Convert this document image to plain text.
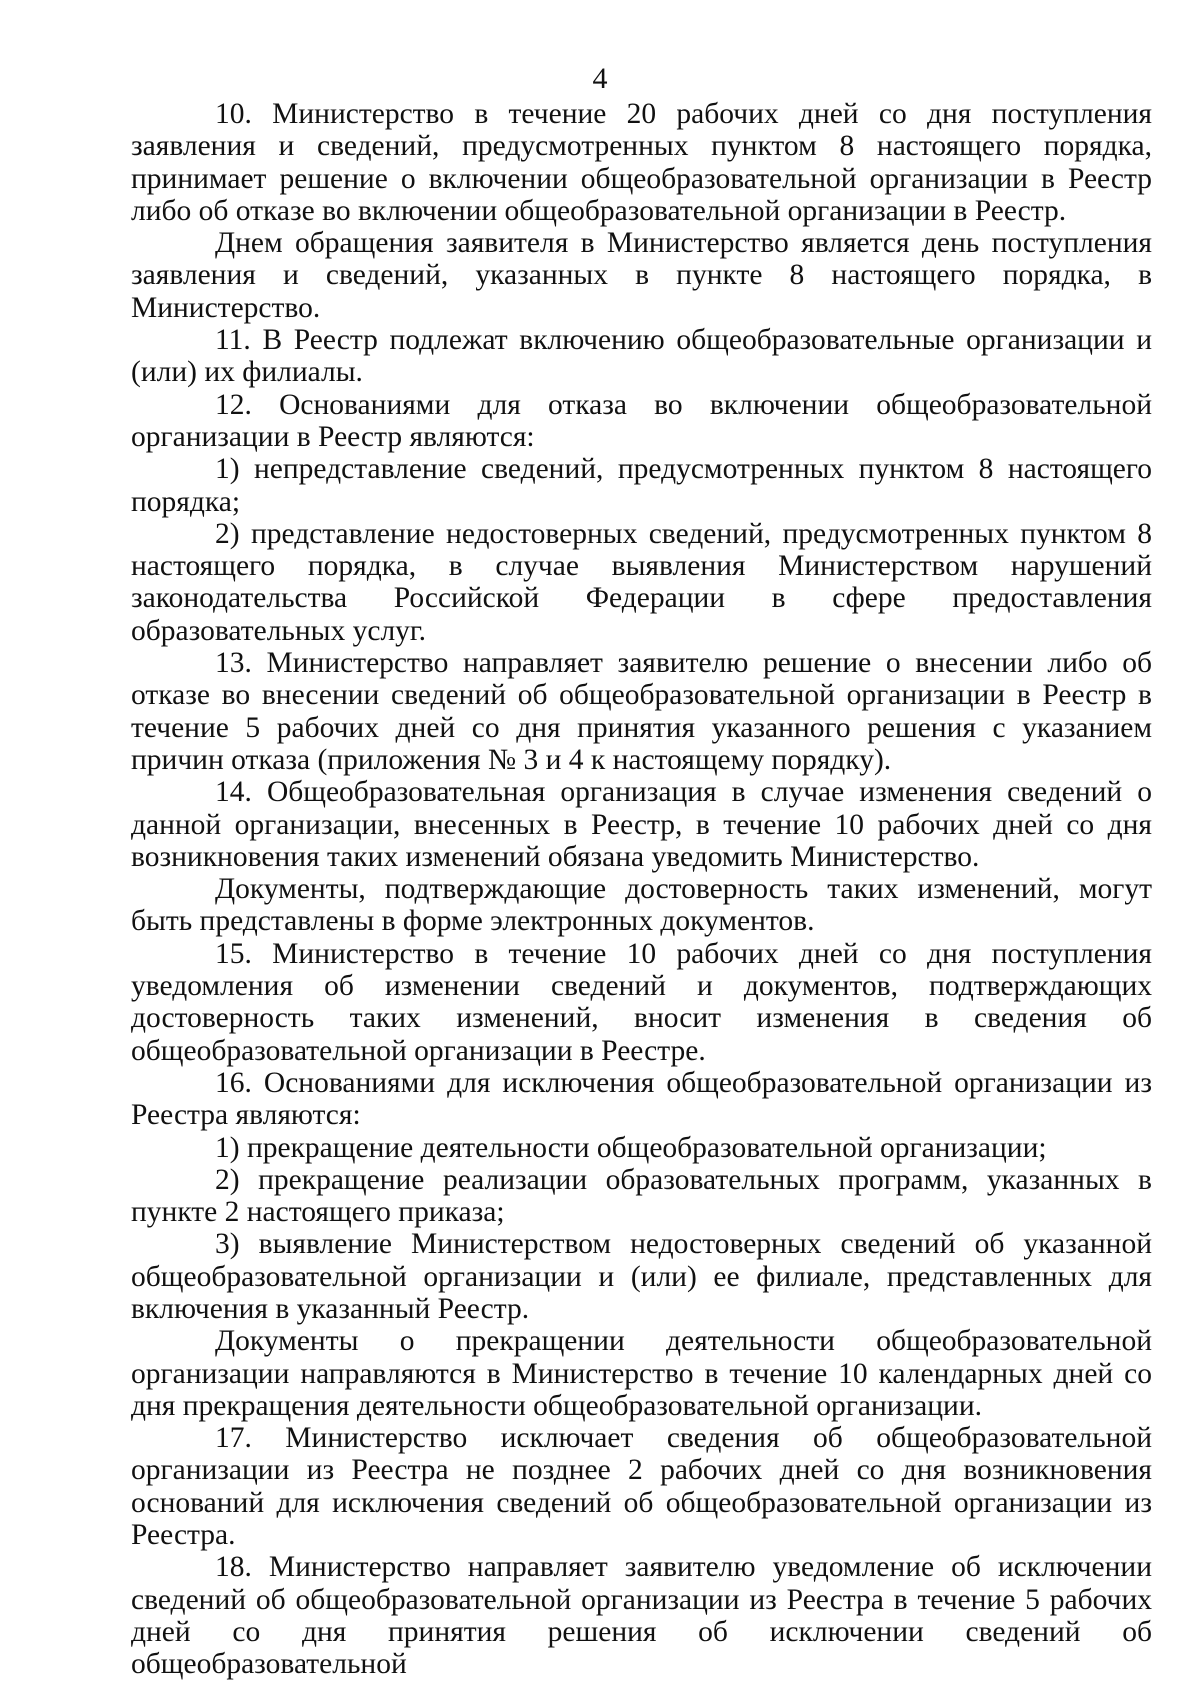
4

10. Министерство в течение 20 рабочих дней со дня поступления заявления и сведений, предусмотренных пунктом 8 настоящего порядка, принимает решение о включении общеобразовательной организации в Реестр либо об отказе во включении общеобразовательной организации в Реестр.

Днем обращения заявителя в Министерство является день поступления заявления и сведений, указанных в пункте 8 настоящего порядка, в Министерство.

11. В Реестр подлежат включению общеобразовательные организации и (или) их филиалы.

12. Основаниями для отказа во включении общеобразовательной организации в Реестр являются:

1) непредставление сведений, предусмотренных пунктом 8 настоящего порядка;

2) представление недостоверных сведений, предусмотренных пунктом 8 настоящего порядка, в случае выявления Министерством нарушений законодательства Российской Федерации в сфере предоставления образовательных услуг.

13. Министерство направляет заявителю решение о внесении либо об отказе во внесении сведений об общеобразовательной организации в Реестр в течение 5 рабочих дней со дня принятия указанного решения с указанием причин отказа (приложения № 3 и 4 к настоящему порядку).

14. Общеобразовательная организация в случае изменения сведений о данной организации, внесенных в Реестр, в течение 10 рабочих дней со дня возникновения таких изменений обязана уведомить Министерство.

Документы, подтверждающие достоверность таких изменений, могут быть представлены в форме электронных документов.

15. Министерство в течение 10 рабочих дней со дня поступления уведомления об изменении сведений и документов, подтверждающих достоверность таких изменений, вносит изменения в сведения об общеобразовательной организации в Реестре.

16. Основаниями для исключения общеобразовательной организации из Реестра являются:

1) прекращение деятельности общеобразовательной организации;

2) прекращение реализации образовательных программ, указанных в пункте 2 настоящего приказа;

3) выявление Министерством недостоверных сведений об указанной общеобразовательной организации и (или) ее филиале, представленных для включения в указанный Реестр.

Документы о прекращении деятельности общеобразовательной организации направляются в Министерство в течение 10 календарных дней со дня прекращения деятельности общеобразовательной организации.

17. Министерство исключает сведения об общеобразовательной организации из Реестра не позднее 2 рабочих дней со дня возникновения оснований для исключения сведений об общеобразовательной организации из Реестра.

18. Министерство направляет заявителю уведомление об исключении сведений об общеобразовательной организации из Реестра в течение 5 рабочих дней со дня принятия решения об исключении сведений об общеобразовательной
